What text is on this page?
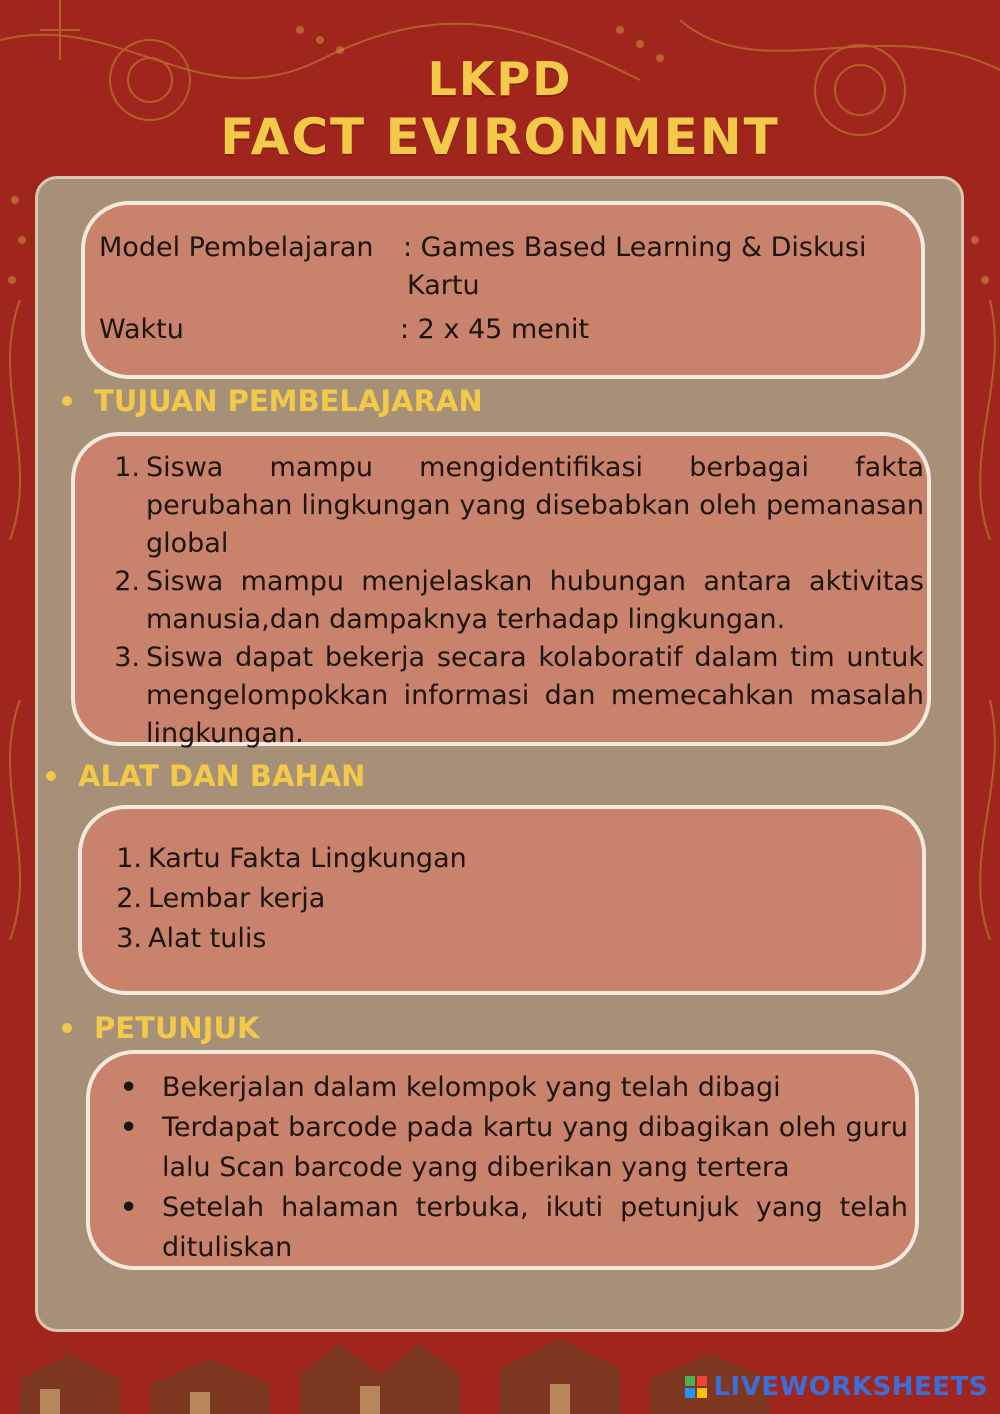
LKPD
FACT EVIRONMENT
Model Pembelajaran : Games Based Learning & Diskusi
Kartu
Waktu	: 2 x 45 menit
TUJUAN PEMBELAJARAN
1. Siswa mampu mengidentifikasi berbagai fakta perubahan lingkungan yang disebabkan oleh pemanasan global
2. Siswa mampu menjelaskan hubungan antara aktivitas manusia,dan dampaknya terhadap lingkungan.
3. Siswa dapat bekerja secara kolaboratif dalam tim untuk mengelompokkan informasi dan memecahkan masalah lingkungan.
ALAT DAN BAHAN
1. Kartu Fakta Lingkungan
2. Lembar kerja
3. Alat tulis
PETUNJUK
• Bekerjalan dalam kelompok yang telah dibagi
• Terdapat barcode pada kartu yang dibagikan oleh guru lalu Scan barcode yang diberikan yang tertera
• Setelah halaman terbuka, ikuti petunjuk yang telah dituliskan
LIVEWORKSHEETS
